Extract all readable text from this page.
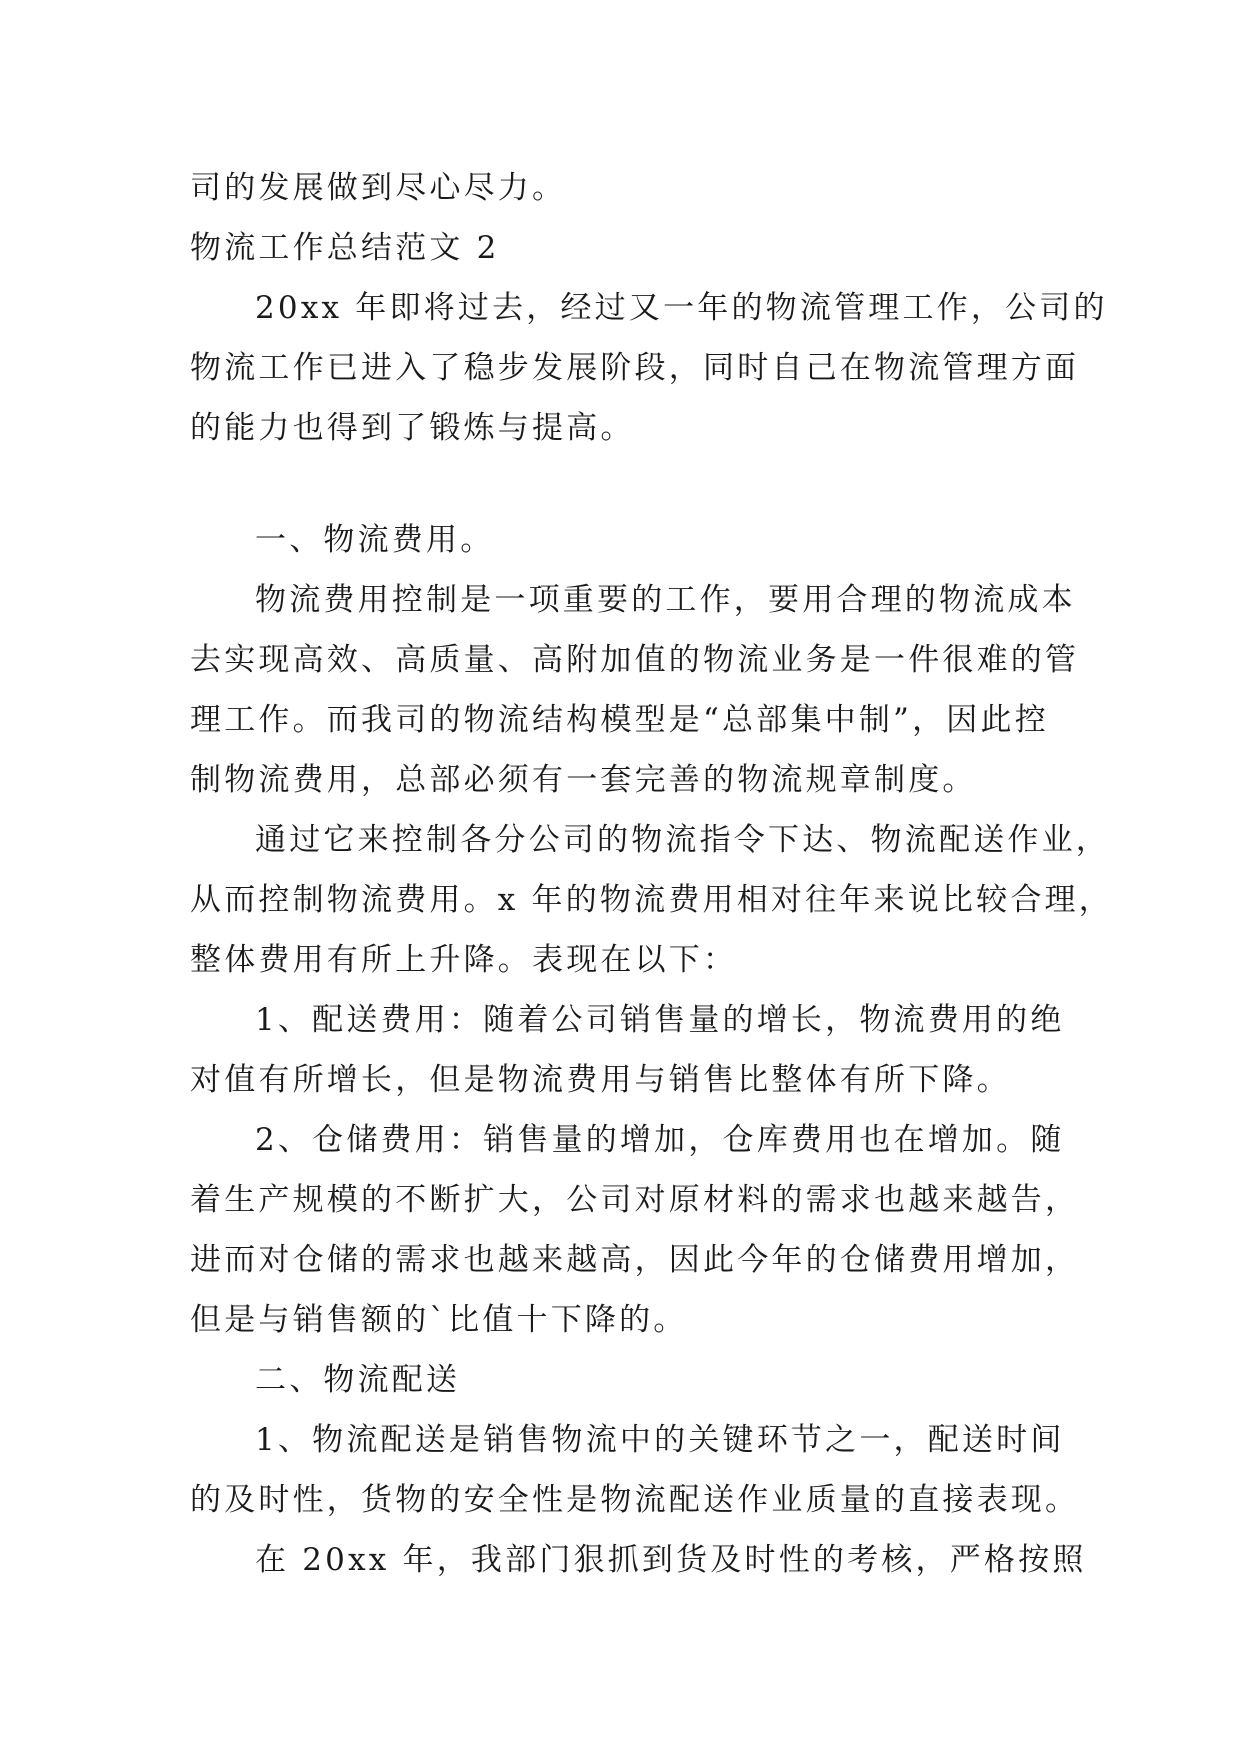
司的发展做到尽心尽力。

物流工作总结范文 2

20xx 年即将过去，经过又一年的物流管理工作，公司的

物流工作已进入了稳步发展阶段，同时自己在物流管理方面

的能力也得到了锻炼与提高。

一、物流费用。

物流费用控制是一项重要的工作，要用合理的物流成本

去实现高效、高质量、高附加值的物流业务是一件很难的管

理工作。而我司的物流结构模型是“总部集中制”，因此控

制物流费用，总部必须有一套完善的物流规章制度。

通过它来控制各分公司的物流指令下达、物流配送作业，

从而控制物流费用。x 年的物流费用相对往年来说比较合理，

整体费用有所上升降。表现在以下：

1、配送费用：随着公司销售量的增长，物流费用的绝

对值有所增长，但是物流费用与销售比整体有所下降。

2、仓储费用：销售量的增加，仓库费用也在增加。随

着生产规模的不断扩大，公司对原材料的需求也越来越告，

进而对仓储的需求也越来越高，因此今年的仓储费用增加，

但是与销售额的`比值十下降的。

二、物流配送

1、物流配送是销售物流中的关键环节之一，配送时间

的及时性，货物的安全性是物流配送作业质量的直接表现。

在 20xx 年，我部门狠抓到货及时性的考核，严格按照
